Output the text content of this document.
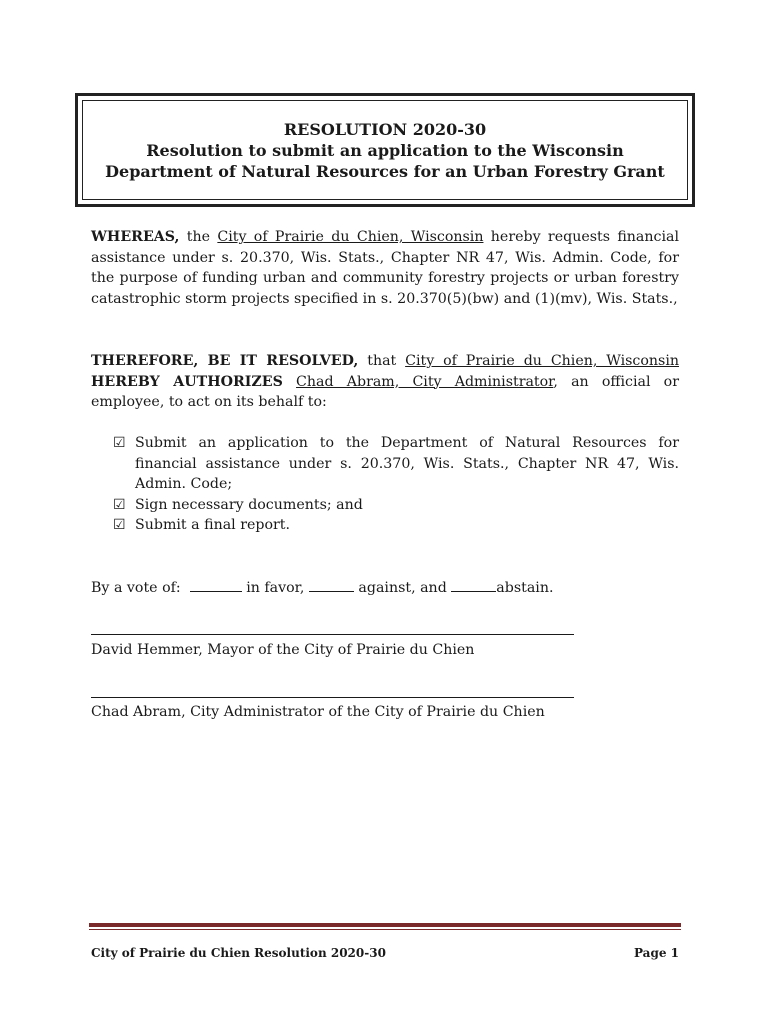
RESOLUTION 2020-30
Resolution to submit an application to the Wisconsin
Department of Natural Resources for an Urban Forestry Grant
WHEREAS, the City of Prairie du Chien, Wisconsin hereby requests financial assistance under s. 20.370, Wis. Stats., Chapter NR 47, Wis. Admin. Code, for the purpose of funding urban and community forestry projects or urban forestry catastrophic storm projects specified in s. 20.370(5)(bw) and (1)(mv), Wis. Stats.,
THEREFORE, BE IT RESOLVED, that City of Prairie du Chien, Wisconsin HEREBY AUTHORIZES Chad Abram, City Administrator, an official or employee, to act on its behalf to:
☑ Submit an application to the Department of Natural Resources for financial assistance under s. 20.370, Wis. Stats., Chapter NR 47, Wis. Admin. Code;
☑ Sign necessary documents; and
☑ Submit a final report.
By a vote of:	in favor,	against, and	abstain.
David Hemmer, Mayor of the City of Prairie du Chien
Chad Abram, City Administrator of the City of Prairie du Chien
City of Prairie du Chien Resolution 2020-30	Page 1
